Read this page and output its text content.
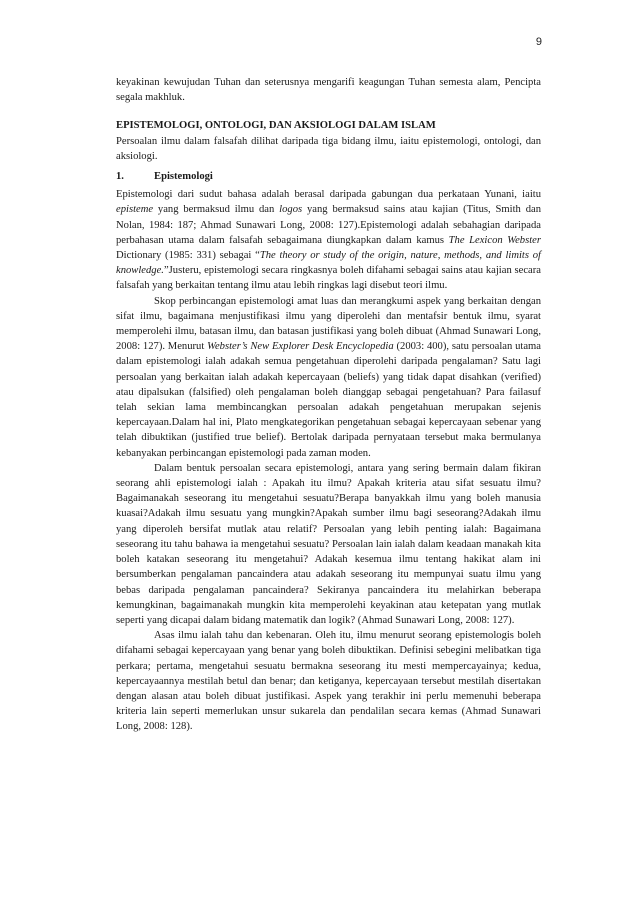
9

keyakinan kewujudan Tuhan dan seterusnya mengarifi keagungan Tuhan semesta alam, Pencipta segala makhluk.

EPISTEMOLOGI, ONTOLOGI, DAN AKSIOLOGI DALAM ISLAM

Persoalan ilmu dalam falsafah dilihat daripada tiga bidang ilmu, iaitu epistemologi, ontologi, dan aksiologi.

1.	Epistemologi

Epistemologi dari sudut bahasa adalah berasal daripada gabungan dua perkataan Yunani, iaitu episteme yang bermaksud ilmu dan logos yang bermaksud sains atau kajian (Titus, Smith dan Nolan, 1984: 187; Ahmad Sunawari Long, 2008: 127).Epistemologi adalah sebahagian daripada perbahasan utama dalam falsafah sebagaimana diungkapkan dalam kamus The Lexicon Webster Dictionary (1985: 331) sebagai “The theory or study of the origin, nature, methods, and limits of knowledge.”Justeru, epistemologi secara ringkasnya boleh difahami sebagai sains atau kajian secara falsafah yang berkaitan tentang ilmu atau lebih ringkas lagi disebut teori ilmu.

Skop perbincangan epistemologi amat luas dan merangkumi aspek yang berkaitan dengan sifat ilmu, bagaimana menjustifikasi ilmu yang diperolehi dan mentafsir bentuk ilmu, syarat memperolehi ilmu, batasan ilmu, dan batasan justifikasi yang boleh dibuat (Ahmad Sunawari Long, 2008: 127). Menurut Webster’s New Explorer Desk Encyclopedia (2003: 400), satu persoalan utama dalam epistemologi ialah adakah semua pengetahuan diperolehi daripada pengalaman? Satu lagi persoalan yang berkaitan ialah adakah kepercayaan (beliefs) yang tidak dapat disahkan (verified) atau dipalsukan (falsified) oleh pengalaman boleh dianggap sebagai pengetahuan? Para failasuf telah sekian lama membincangkan persoalan adakah pengetahuan merupakan sejenis kepercayaan.Dalam hal ini, Plato mengkategorikan pengetahuan sebagai kepercayaan sebenar yang telah dibuktikan (justified true belief). Bertolak daripada pernyataan tersebut maka bermulanya kebanyakan perbincangan epistemologi pada zaman moden.

Dalam bentuk persoalan secara epistemologi, antara yang sering bermain dalam fikiran seorang ahli epistemologi ialah : Apakah itu ilmu? Apakah kriteria atau sifat sesuatu ilmu?Bagaimanakah seseorang itu mengetahui sesuatu?Berapa banyakkah ilmu yang boleh manusia kuasai?Adakah ilmu sesuatu yang mungkin?Apakah sumber ilmu bagi seseorang?Adakah ilmu yang diperoleh bersifat mutlak atau relatif? Persoalan yang lebih penting ialah: Bagaimana seseorang itu tahu bahawa ia mengetahui sesuatu? Persoalan lain ialah dalam keadaan manakah kita boleh katakan seseorang itu mengetahui? Adakah kesemua ilmu tentang hakikat alam ini bersumberkan pengalaman pancaindera atau adakah seseorang itu mempunyai suatu ilmu yang bebas daripada pengalaman pancaindera? Sekiranya pancaindera itu melahirkan beberapa kemungkinan, bagaimanakah mungkin kita memperolehi keyakinan atau ketepatan yang mutlak seperti yang dicapai dalam bidang matematik dan logik? (Ahmad Sunawari Long, 2008: 127).

Asas ilmu ialah tahu dan kebenaran. Oleh itu, ilmu menurut seorang epistemologis boleh difahami sebagai kepercayaan yang benar yang boleh dibuktikan. Definisi sebegini melibatkan tiga perkara; pertama, mengetahui sesuatu bermakna seseorang itu mesti mempercayainya; kedua, kepercayaannya mestilah betul dan benar; dan ketiganya, kepercayaan tersebut mestilah disertakan dengan alasan atau boleh dibuat justifikasi. Aspek yang terakhir ini perlu memenuhi beberapa kriteria lain seperti memerlukan unsur sukarela dan pendalilan secara kemas (Ahmad Sunawari Long, 2008: 128).
